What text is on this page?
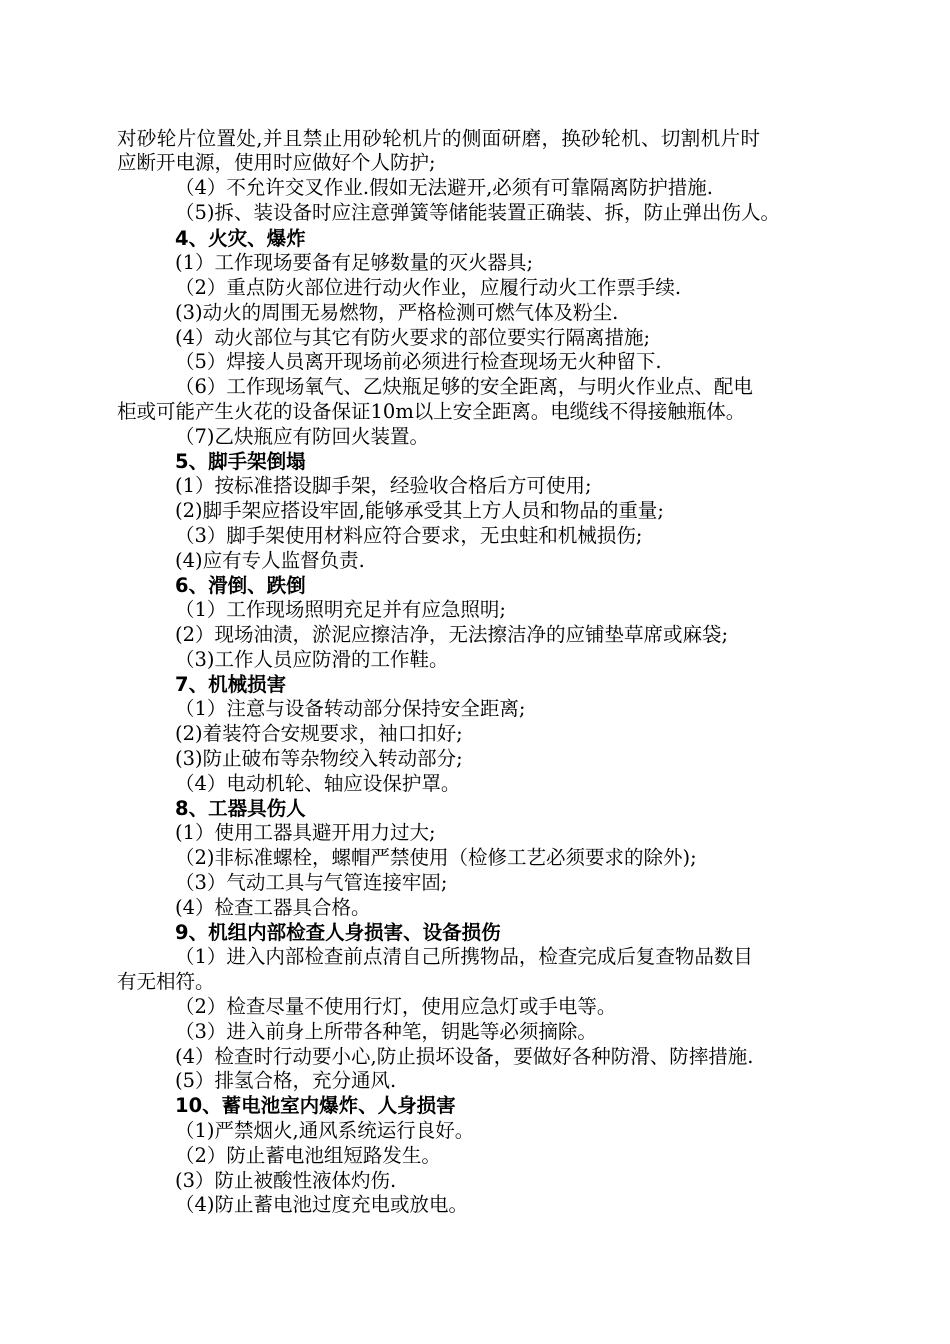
对砂轮片位置处,并且禁止用砂轮机片的侧面研磨，换砂轮机、切割机片时
应断开电源，使用时应做好个人防护;
（4）不允许交叉作业.假如无法避开,必须有可靠隔离防护措施.
（5)拆、装设备时应注意弹簧等储能装置正确装、拆，防止弹出伤人。
4、火灾、爆炸
(1）工作现场要备有足够数量的灭火器具;
（2）重点防火部位进行动火作业，应履行动火工作票手续.
(3)动火的周围无易燃物，严格检测可燃气体及粉尘.
(4）动火部位与其它有防火要求的部位要实行隔离措施;
（5）焊接人员离开现场前必须进行检查现场无火种留下.
（6）工作现场氧气、乙炔瓶足够的安全距离，与明火作业点、配电
柜或可能产生火花的设备保证10m以上安全距离。电缆线不得接触瓶体。
（7)乙炔瓶应有防回火装置。
5、脚手架倒塌
(1）按标准搭设脚手架，经验收合格后方可使用;
(2)脚手架应搭设牢固,能够承受其上方人员和物品的重量;
（3）脚手架使用材料应符合要求，无虫蛀和机械损伤;
(4)应有专人监督负责.
6、滑倒、跌倒
（1）工作现场照明充足并有应急照明;
(2）现场油渍，淤泥应擦洁净，无法擦洁净的应铺垫草席或麻袋;
（3)工作人员应防滑的工作鞋。
7、机械损害
（1）注意与设备转动部分保持安全距离;
(2)着装符合安规要求，袖口扣好;
(3)防止破布等杂物绞入转动部分;
（4）电动机轮、轴应设保护罩。
8、工器具伤人
(1）使用工器具避开用力过大;
（2)非标准螺栓，螺帽严禁使用（检修工艺必须要求的除外);
（3）气动工具与气管连接牢固;
(4）检查工器具合格。
9、机组内部检查人身损害、设备损伤
（1）进入内部检查前点清自己所携物品，检查完成后复查物品数目
有无相符。
（2）检查尽量不使用行灯，使用应急灯或手电等。
（3）进入前身上所带各种笔，钥匙等必须摘除。
(4）检查时行动要小心,防止损坏设备，要做好各种防滑、防摔措施.
(5）排氢合格，充分通风.
10、蓄电池室内爆炸、人身损害
（1)严禁烟火,通风系统运行良好。
（2）防止蓄电池组短路发生。
(3）防止被酸性液体灼伤.
（4)防止蓄电池过度充电或放电。
